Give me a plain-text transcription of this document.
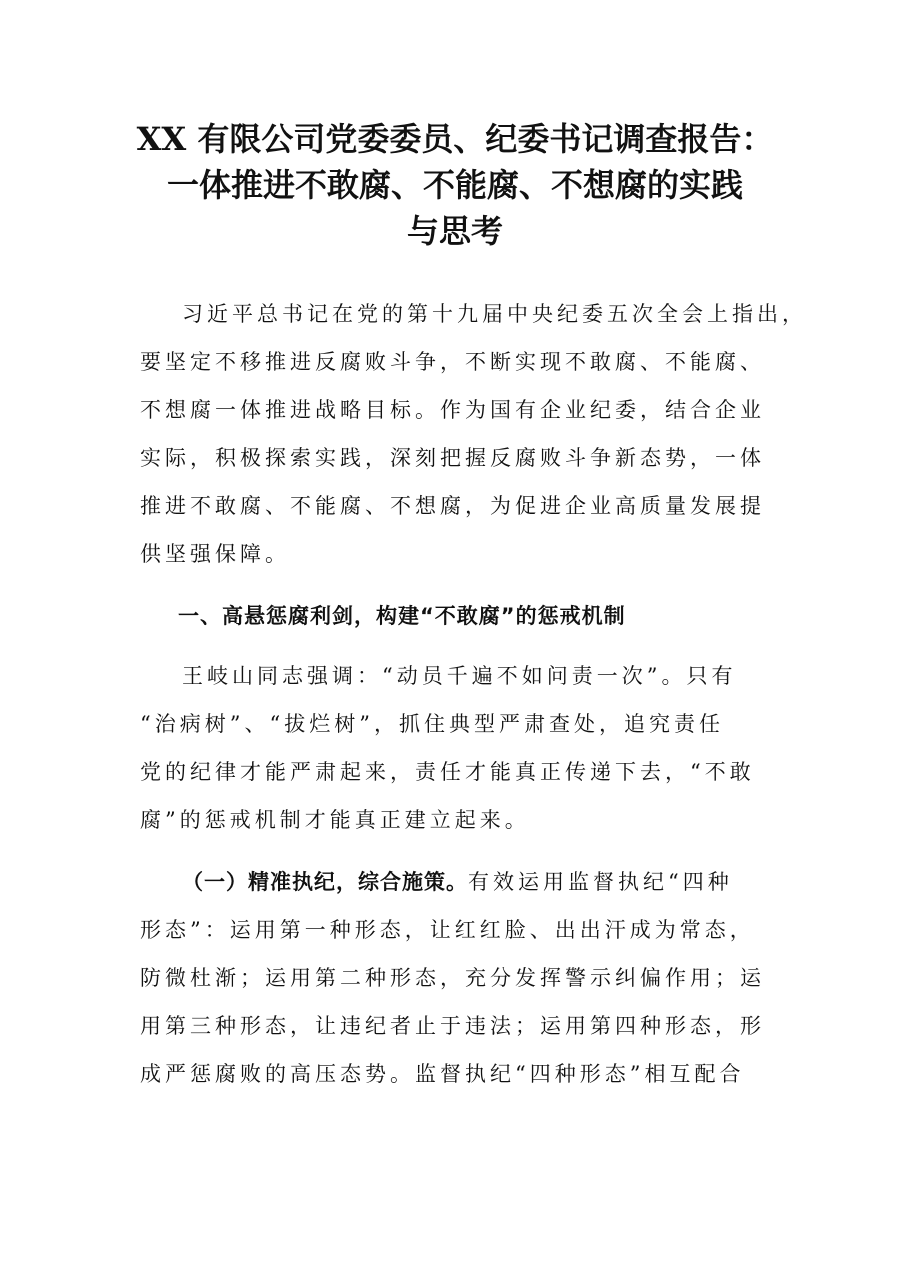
XX 有限公司党委委员、纪委书记调查报告：
一体推进不敢腐、不能腐、不想腐的实践
与思考

习近平总书记在党的第十九届中央纪委五次全会上指出，
要坚定不移推进反腐败斗争，不断实现不敢腐、不能腐、
不想腐一体推进战略目标。作为国有企业纪委，结合企业
实际，积极探索实践，深刻把握反腐败斗争新态势，一体
推进不敢腐、不能腐、不想腐，为促进企业高质量发展提
供坚强保障。

一、高悬惩腐利剑，构建“不敢腐”的惩戒机制

王岐山同志强调：“动员千遍不如问责一次”。只有
“治病树”、“拔烂树”，抓住典型严肃查处，追究责任
党的纪律才能严肃起来，责任才能真正传递下去，“不敢
腐”的惩戒机制才能真正建立起来。

（一）精准执纪，综合施策。有效运用监督执纪“四种
形态”：运用第一种形态，让红红脸、出出汗成为常态，
防微杜渐；运用第二种形态，充分发挥警示纠偏作用；运
用第三种形态，让违纪者止于违法；运用第四种形态，形
成严惩腐败的高压态势。监督执纪“四种形态”相互配合
